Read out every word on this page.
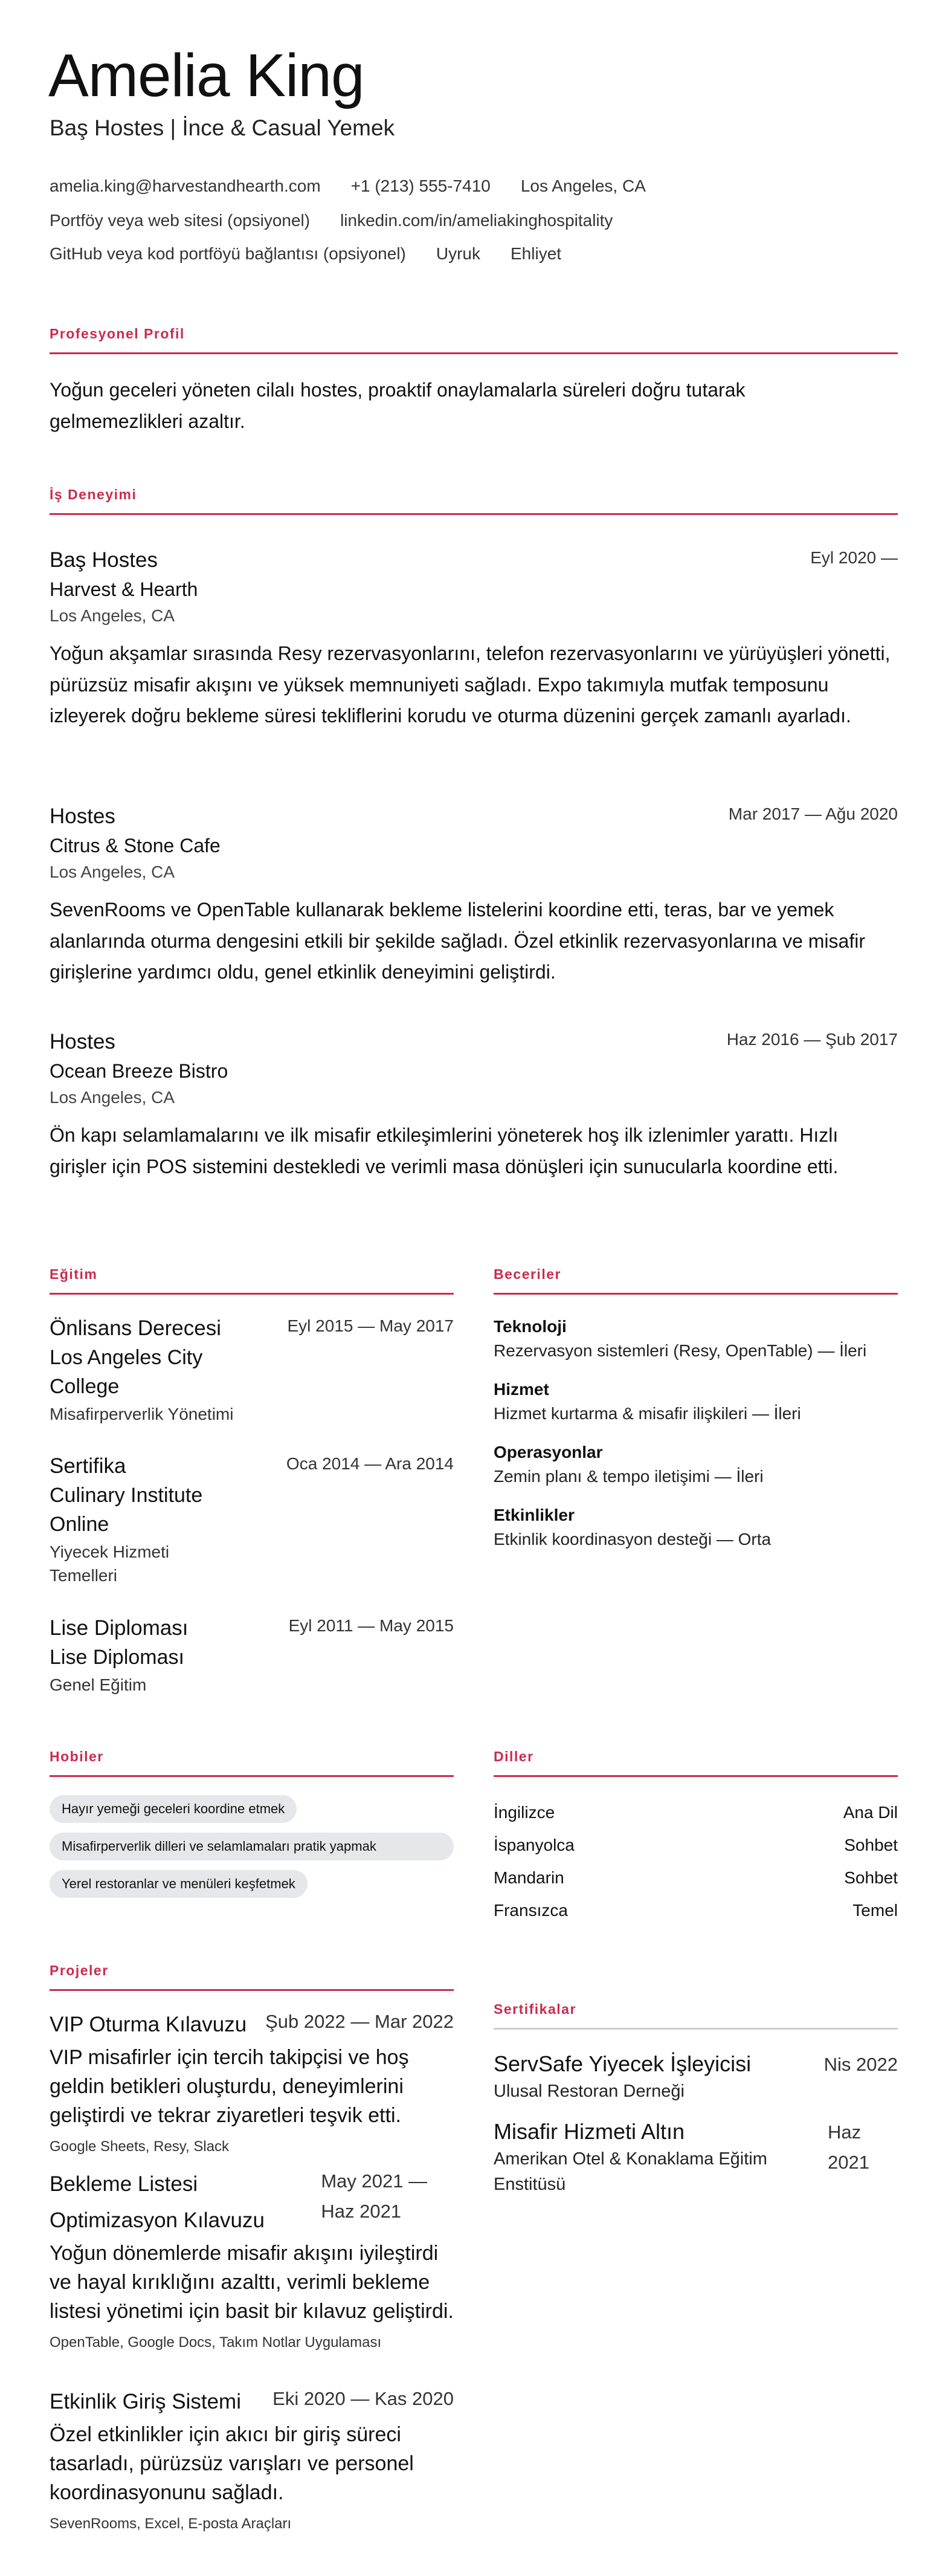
Amelia King
Baş Hostes | İnce & Casual Yemek
amelia.king@harvestandhearth.com +1 (213) 555-7410 Los Angeles, CA
Portföy veya web sitesi (opsiyonel) linkedin.com/in/ameliakinghospitality
GitHub veya kod portföyü bağlantısı (opsiyonel) Uyruk Ehliyet
Profesyonel Profil
Yoğun geceleri yöneten cilalı hostes, proaktif onaylamalarla süreleri doğru tutarak gelmemezlikleri azaltır.
İş Deneyimi
Baş Hostes	Eyl 2020 —
Harvest & Hearth
Los Angeles, CA
Yoğun akşamlar sırasında Resy rezervasyonlarını, telefon rezervasyonlarını ve yürüyüşleri yönetti, pürüzsüz misafir akışını ve yüksek memnuniyeti sağladı. Expo takımıyla mutfak temposunu izleyerek doğru bekleme süresi tekliflerini korudu ve oturma düzenini gerçek zamanlı ayarladı.
Hostes	Mar 2017 — Ağu 2020
Citrus & Stone Cafe
Los Angeles, CA
SevenRooms ve OpenTable kullanarak bekleme listelerini koordine etti, teras, bar ve yemek alanlarında oturma dengesini etkili bir şekilde sağladı. Özel etkinlik rezervasyonlarına ve misafir girişlerine yardımcı oldu, genel etkinlik deneyimini geliştirdi.
Hostes	Haz 2016 — Şub 2017
Ocean Breeze Bistro
Los Angeles, CA
Ön kapı selamlamalarını ve ilk misafir etkileşimlerini yöneterek hoş ilk izlenimler yarattı. Hızlı girişler için POS sistemini destekledi ve verimli masa dönüşleri için sunucularla koordine etti.
Eğitim
Önlisans Derecesi
Los Angeles City College
Misafirperverlik Yönetimi
Eyl 2015 — May 2017
Sertifika
Culinary Institute Online
Yiyecek Hizmeti Temelleri
Oca 2014 — Ara 2014
Lise Diploması
Lise Diploması
Genel Eğitim
Eyl 2011 — May 2015
Beceriler
Teknoloji
Rezervasyon sistemleri (Resy, OpenTable) — İleri
Hizmet
Hizmet kurtarma & misafir ilişkileri — İleri
Operasyonlar
Zemin planı & tempo iletişimi — İleri
Etkinlikler
Etkinlik koordinasyon desteği — Orta
Hobiler
Hayır yemeği geceleri koordine etmek
Misafirperverlik dilleri ve selamlamaları pratik yapmak
Yerel restoranlar ve menüleri keşfetmek
Diller
İngilizce	Ana Dil
İspanyolca	Sohbet
Mandarin	Sohbet
Fransızca	Temel
Projeler
VIP Oturma Kılavuzu Şub 2022 — Mar 2022
VIP misafirler için tercih takipçisi ve hoş geldin betikleri oluşturdu, deneyimlerini geliştirdi ve tekrar ziyaretleri teşvik etti.
Google Sheets, Resy, Slack
Bekleme Listesi Optimizasyon Kılavuzu
May 2021 — Haz 2021
Yoğun dönemlerde misafir akışını iyileştirdi ve hayal kırıklığını azalttı, verimli bekleme listesi yönetimi için basit bir kılavuz geliştirdi.
OpenTable, Google Docs, Takım Notlar Uygulaması
Etkinlik Giriş Sistemi Eki 2020 — Kas 2020
Özel etkinlikler için akıcı bir giriş süreci tasarladı, pürüzsüz varışları ve personel koordinasyonunu sağladı.
SevenRooms, Excel, E-posta Araçları
Sertifikalar
ServSafe Yiyecek İşleyicisi
Ulusal Restoran Derneği
Nis 2022
Misafir Hizmeti Altın
Amerikan Otel & Konaklama Eğitim Enstitüsü
Haz 2021
